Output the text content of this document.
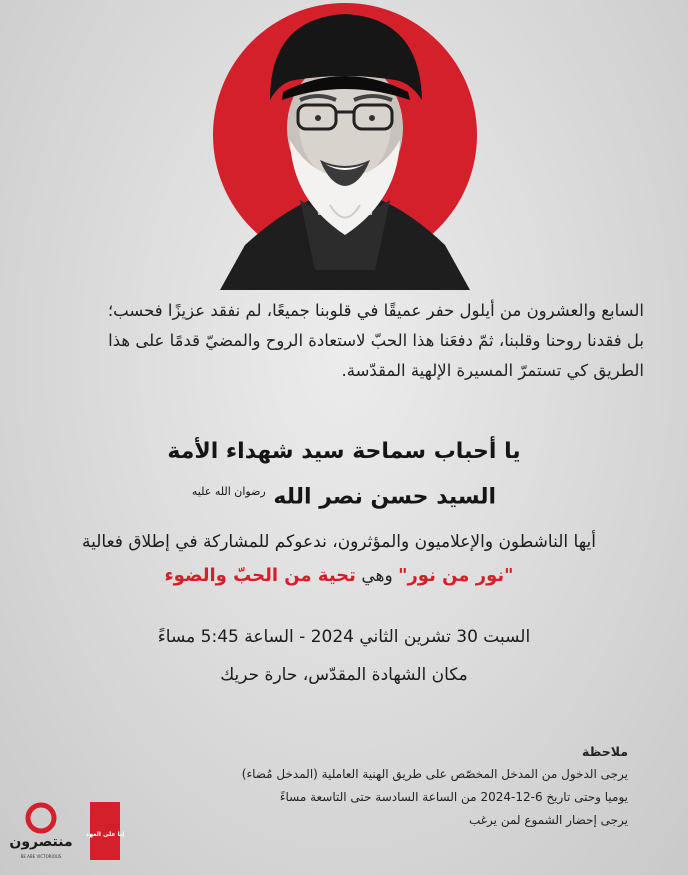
السابع والعشرون من أيلول حفر عميقًا في قلوبنا جميعًا، لم نفقد عزيزًا فحسب؛
بل فقدنا روحنا وقلبنا، ثمّ دفعَنا هذا الحبّ لاستعادة الروح والمضيّ قدمًا على هذا
الطريق كي تستمرّ المسيرة الإلهية المقدّسة.
يا أحباب سماحة سيد شهداء الأمة
السيد حسن نصر الله $^{رضوان الله عليه}$
أيها الناشطون والإعلاميون والمؤثرون، ندعوكم للمشاركة في إطلاق فعالية
"نور من نور" وهي تحية من الحبّ والضوء
السبت 30 تشرين الثاني 2024 - الساعة 5:45 مساءً
مكان الشهادة المقدّس، حارة حريك
ملاحظة
يرجى الدخول من المدخل المخصّص على طريق الهنية العاملية (المدخل مُضاء)
يوميا وحتى تاريخ 6-12-2024 من الساعة السادسة حتى التاسعة مساءً
يرجى إحضار الشموع لمن يرغب
منتصرون
BE ABE VICTORIOUS
إنا على العهد
